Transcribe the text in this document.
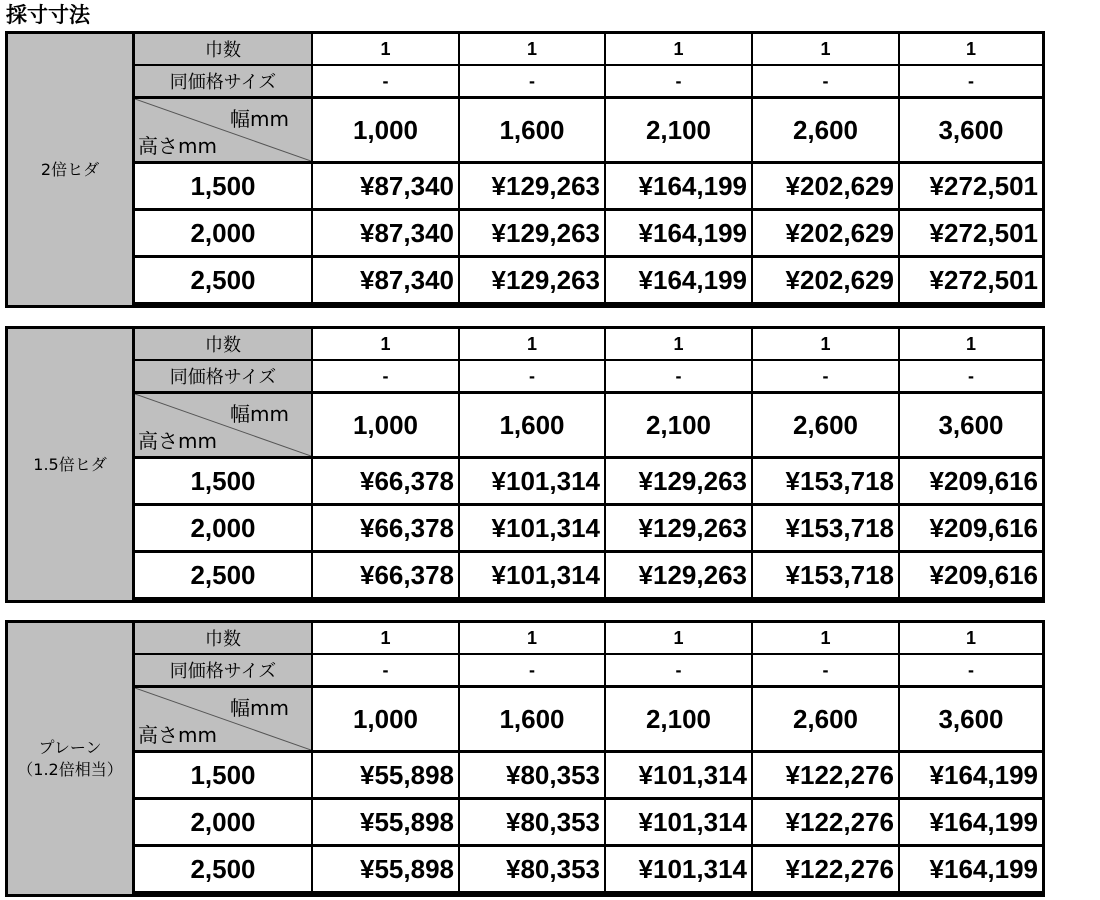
採寸寸法
2倍ヒダ
巾数	1	1	1	1	1
同価格サイズ	-	-	-	-	-
幅mm
高さmm
1,000	1,600	2,100	2,600	3,600
1,500	¥87,340	¥129,263	¥164,199	¥202,629	¥272,501
2,000	¥87,340	¥129,263	¥164,199	¥202,629	¥272,501
2,500	¥87,340	¥129,263	¥164,199	¥202,629	¥272,501
1.5倍ヒダ
巾数	1	1	1	1	1
同価格サイズ	-	-	-	-	-
幅mm
高さmm
1,000	1,600	2,100	2,600	3,600
1,500	¥66,378	¥101,314	¥129,263	¥153,718	¥209,616
2,000	¥66,378	¥101,314	¥129,263	¥153,718	¥209,616
2,500	¥66,378	¥101,314	¥129,263	¥153,718	¥209,616
プレーン
（1.2倍相当）
巾数	1	1	1	1	1
同価格サイズ	-	-	-	-	-
幅mm
高さmm
1,000	1,600	2,100	2,600	3,600
1,500	¥55,898	¥80,353	¥101,314	¥122,276	¥164,199
2,000	¥55,898	¥80,353	¥101,314	¥122,276	¥164,199
2,500	¥55,898	¥80,353	¥101,314	¥122,276	¥164,199
